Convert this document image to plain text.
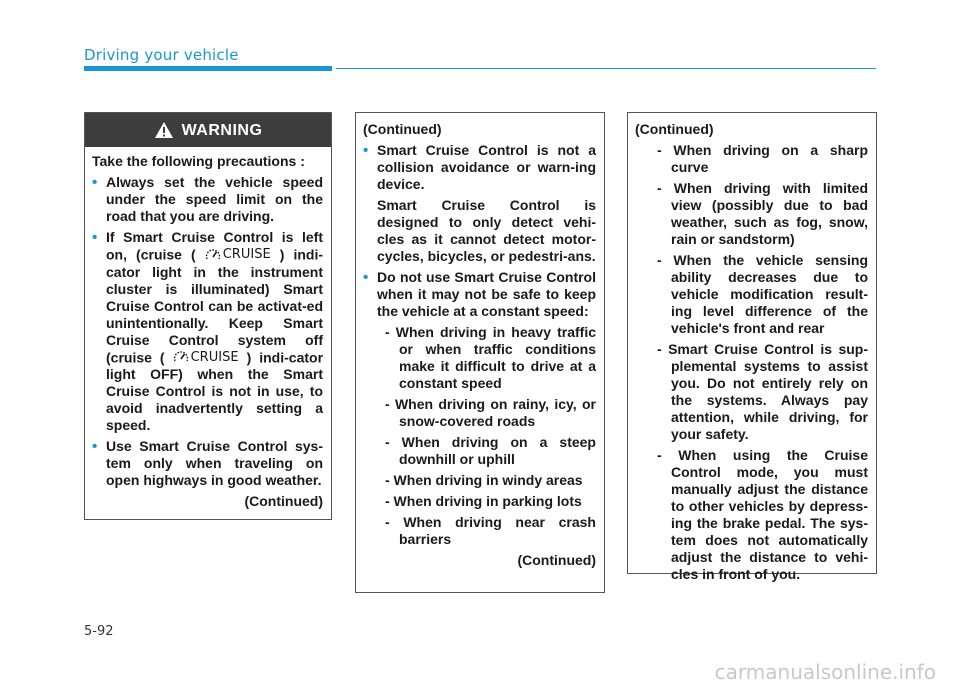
Driving your vehicle
WARNING

Take the following precautions :

• Always set the vehicle speed under the speed limit on the road that you are driving.
• If Smart Cruise Control is left on, (cruise ( CRUISE ) indi-cator light in the instrument cluster is illuminated) Smart Cruise Control can be activat-ed unintentionally. Keep Smart Cruise Control system off (cruise ( CRUISE ) indi-cator light OFF) when the Smart Cruise Control is not in use, to avoid inadvertently setting a speed.
• Use Smart Cruise Control sys-tem only when traveling on open highways in good weather.

(Continued)

(Continued)

• Smart Cruise Control is not a collision avoidance or warn-ing device.
Smart Cruise Control is designed to only detect vehi-cles as it cannot detect motor-cycles, bicycles, or pedestri-ans.
• Do not use Smart Cruise Control when it may not be safe to keep the vehicle at a constant speed:
- When driving in heavy traffic or when traffic conditions make it difficult to drive at a constant speed
- When driving on rainy, icy, or snow-covered roads
- When driving on a steep downhill or uphill
- When driving in windy areas
- When driving in parking lots
- When driving near crash barriers

(Continued)

(Continued)

- When driving on a sharp curve
- When driving with limited view (possibly due to bad weather, such as fog, snow, rain or sandstorm)
- When the vehicle sensing ability decreases due to vehicle modification result-ing level difference of the vehicle's front and rear
- Smart Cruise Control is sup-plemental systems to assist you. Do not entirely rely on the systems. Always pay attention, while driving, for your safety.
- When using the Cruise Control mode, you must manually adjust the distance to other vehicles by depress-ing the brake pedal. The sys-tem does not automatically adjust the distance to vehi-cles in front of you.
5-92
carmanualsonline.info
